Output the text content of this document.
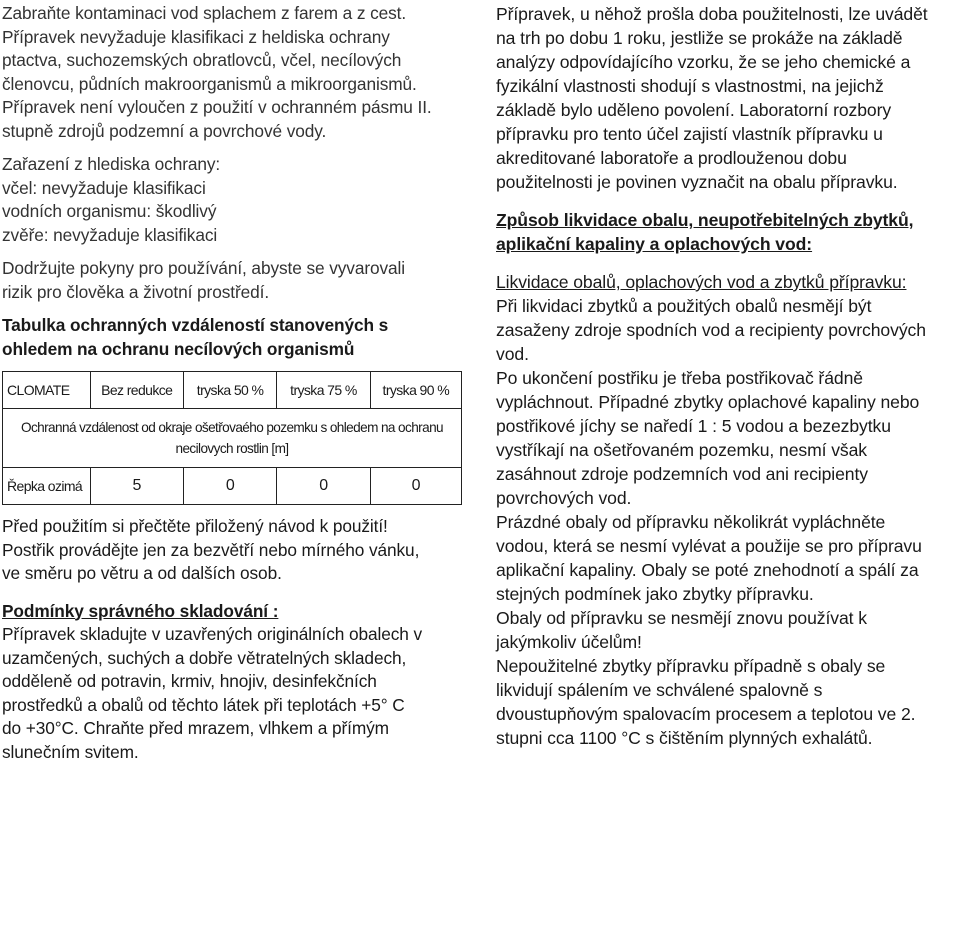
Zabraňte kontaminaci vod splachem z farem a z cest.
Přípravek nevyžaduje klasifikaci z heldiska ochrany
ptactva, suchozemských obratlovců, včel, necílových
členovcu, půdních makroorganismů a mikroorganismů.
Přípravek není vyloučen z použití v ochranném pásmu II.
stupně zdrojů podzemní a povrchové vody.
Zařazení z hlediska ochrany:
včel: nevyžaduje klasifikaci
vodních organismu: škodlivý
zvěře: nevyžaduje klasifikaci
Dodržujte pokyny pro používání, abyste se vyvarovali
rizik pro člověka a životní prostředí.
Tabulka ochranných vzdáleností stanovených s
ohledem na ochranu necílových organismů
CLOMATE	Bez redukce	tryska 50 %	tryska 75 %	tryska 90 %
Ochranná vzdálenost od okraje ošetřovaého pozemku s ohledem na ochranu
necilovych rostlin [m]
Řepka ozimá	5	0	0	0
Před použitím si přečtěte přiložený návod k použití!
Postřik provádějte jen za bezvětří nebo mírného vánku,
ve směru po větru a od dalších osob.
Podmínky správného skladování :
Přípravek skladujte v uzavřených originálních obalech v
uzamčených, suchých a dobře větratelných skladech,
odděleně od potravin, krmiv, hnojiv, desinfekčních
prostředků a obalů od těchto látek při teplotách +5° C
do +30°C. Chraňte před mrazem, vlhkem a přímým
slunečním svitem.
Přípravek, u něhož prošla doba použitelnosti, lze uvádět
na trh po dobu 1 roku, jestliže se prokáže na základě
analýzy odpovídajícího vzorku, že se jeho chemické a
fyzikální vlastnosti shodují s vlastnostmi, na jejichž
základě bylo uděleno povolení. Laboratorní rozbory
přípravku pro tento účel zajistí vlastník přípravku u
akreditované laboratoře a prodlouženou dobu
použitelnosti je povinen vyznačit na obalu přípravku.
Způsob likvidace obalu, neupotřebitelných zbytků,
aplikační kapaliny a oplachových vod:
Likvidace obalů, oplachových vod a zbytků přípravku:
Při likvidaci zbytků a použitých obalů nesmějí být
zasaženy zdroje spodních vod a recipienty povrchových
vod.
Po ukončení postřiku je třeba postřikovač řádně
vypláchnout. Případné zbytky oplachové kapaliny nebo
postřikové jíchy se naředí 1 : 5 vodou a bezezbytku
vystříkají na ošetřovaném pozemku, nesmí však
zasáhnout zdroje podzemních vod ani recipienty
povrchových vod.
Prázdné obaly od přípravku několikrát vypláchněte
vodou, která se nesmí vylévat a použije se pro přípravu
aplikační kapaliny. Obaly se poté znehodnotí a spálí za
stejných podmínek jako zbytky přípravku.
Obaly od přípravku se nesmějí znovu používat k
jakýmkoliv účelům!
Nepoužitelné zbytky přípravku případně s obaly se
likvidují spálením ve schválené spalovně s
dvoustupňovým spalovacím procesem a teplotou ve 2.
stupni cca 1100 °C s čištěním plynných exhalátů.
